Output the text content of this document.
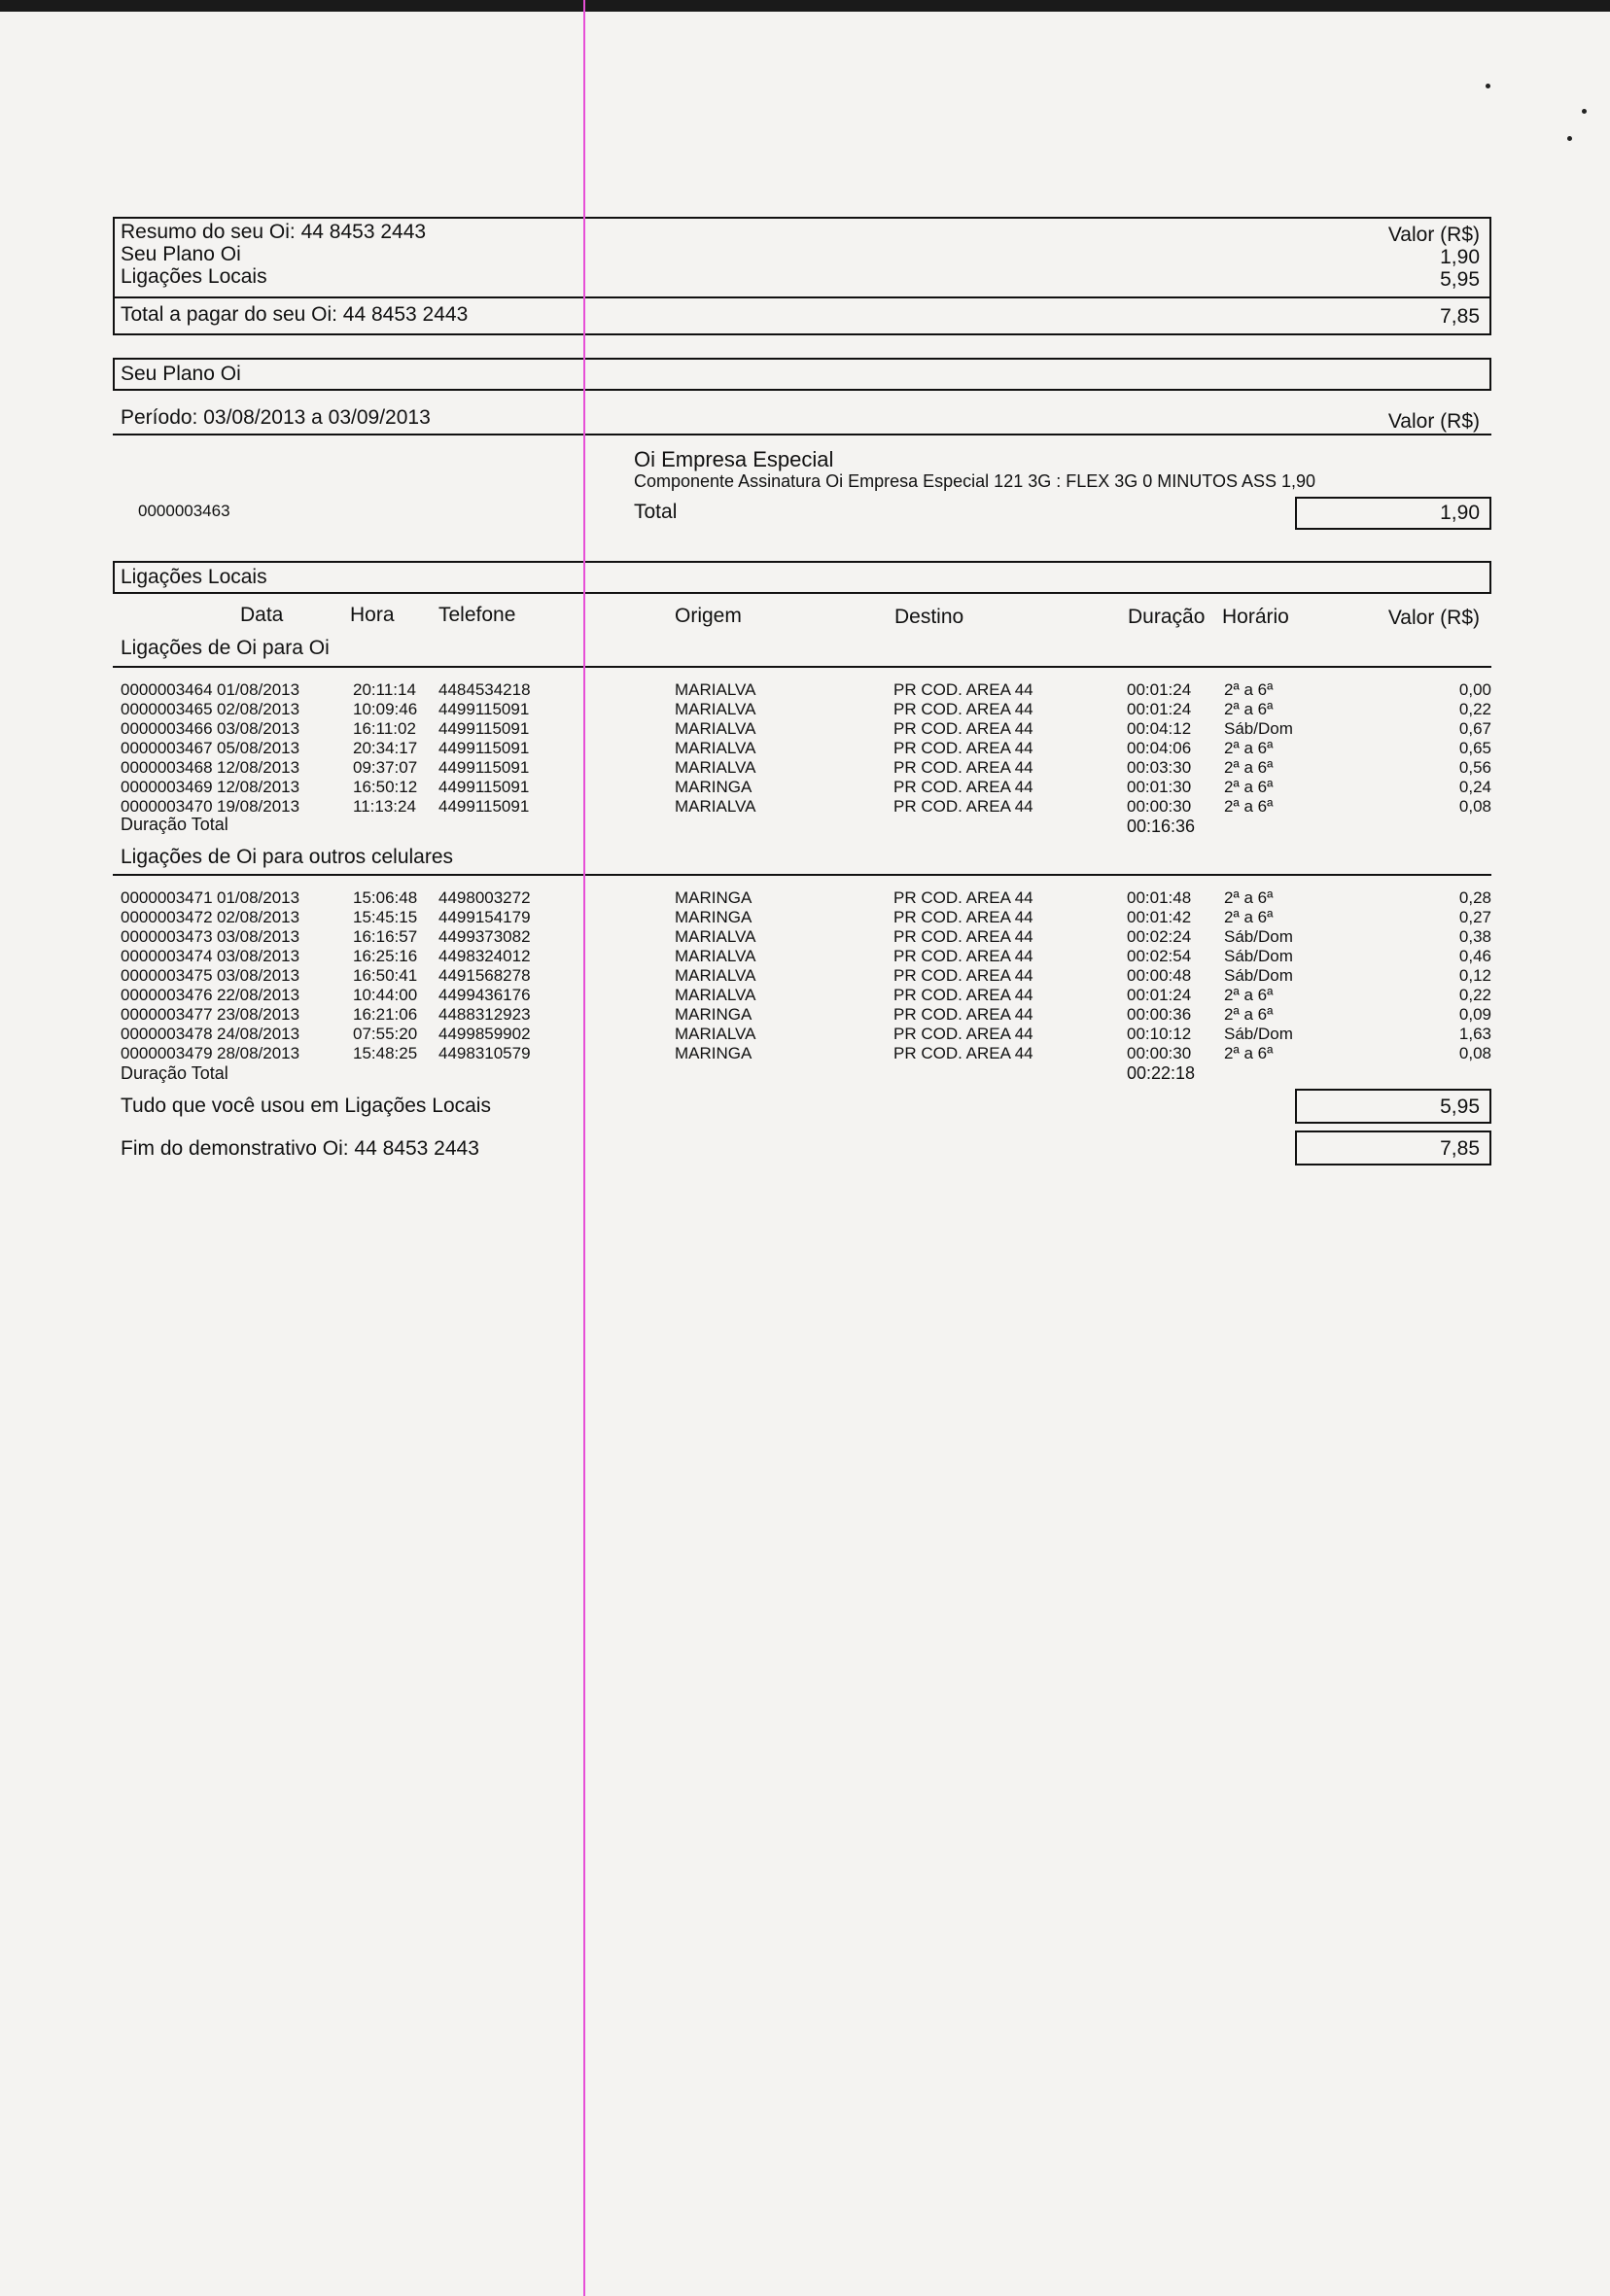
Resumo do seu Oi: 44 8453 2443	Valor (R$)
Seu Plano Oi	1,90
Ligações Locais	5,95
Total a pagar do seu Oi: 44 8453 2443	7,85
Seu Plano Oi
Período: 03/08/2013 a 03/09/2013	Valor (R$)
Oi Empresa Especial
Componente Assinatura Oi Empresa Especial 121 3G : FLEX 3G 0 MINUTOS ASS 1,90
0000003463	Total	1,90
Ligações Locais
Data	Hora Telefone	Origem	Destino	Duração Horário	Valor (R$)
Ligações de Oi para Oi
0000003464 01/08/2013	20:11:14 4484534218	MARIALVA	PR COD. AREA 44	00:01:24 2ª a 6ª	0,00
0000003465 02/08/2013	10:09:46 4499115091	MARIALVA	PR COD. AREA 44	00:01:24 2ª a 6ª	0,22
0000003466 03/08/2013	16:11:02 4499115091	MARIALVA	PR COD. AREA 44	00:04:12 Sáb/Dom	0,67
0000003467 05/08/2013	20:34:17 4499115091	MARIALVA	PR COD. AREA 44	00:04:06 2ª a 6ª	0,65
0000003468 12/08/2013	09:37:07 4499115091	MARIALVA	PR COD. AREA 44	00:03:30 2ª a 6ª	0,56
0000003469 12/08/2013	16:50:12 4499115091	MARINGA	PR COD. AREA 44	00:01:30 2ª a 6ª	0,24
0000003470 19/08/2013	11:13:24 4499115091	MARIALVA	PR COD. AREA 44	00:00:30 2ª a 6ª	0,08
Duração Total	00:16:36
Ligações de Oi para outros celulares
0000003471 01/08/2013	15:06:48 4498003272	MARINGA	PR COD. AREA 44	00:01:48 2ª a 6ª	0,28
0000003472 02/08/2013	15:45:15 4499154179	MARINGA	PR COD. AREA 44	00:01:42 2ª a 6ª	0,27
0000003473 03/08/2013	16:16:57 4499373082	MARIALVA	PR COD. AREA 44	00:02:24 Sáb/Dom	0,38
0000003474 03/08/2013	16:25:16 4498324012	MARIALVA	PR COD. AREA 44	00:02:54 Sáb/Dom	0,46
0000003475 03/08/2013	16:50:41 4491568278	MARIALVA	PR COD. AREA 44	00:00:48 Sáb/Dom	0,12
0000003476 22/08/2013	10:44:00 4499436176	MARIALVA	PR COD. AREA 44	00:01:24 2ª a 6ª	0,22
0000003477 23/08/2013	16:21:06 4488312923	MARINGA	PR COD. AREA 44	00:00:36 2ª a 6ª	0,09
0000003478 24/08/2013	07:55:20 4499859902	MARIALVA	PR COD. AREA 44	00:10:12 Sáb/Dom	1,63
0000003479 28/08/2013	15:48:25 4498310579	MARINGA	PR COD. AREA 44	00:00:30 2ª a 6ª	0,08
Duração Total	00:22:18
Tudo que você usou em Ligações Locais	5,95
Fim do demonstrativo Oi: 44 8453 2443	7,85
